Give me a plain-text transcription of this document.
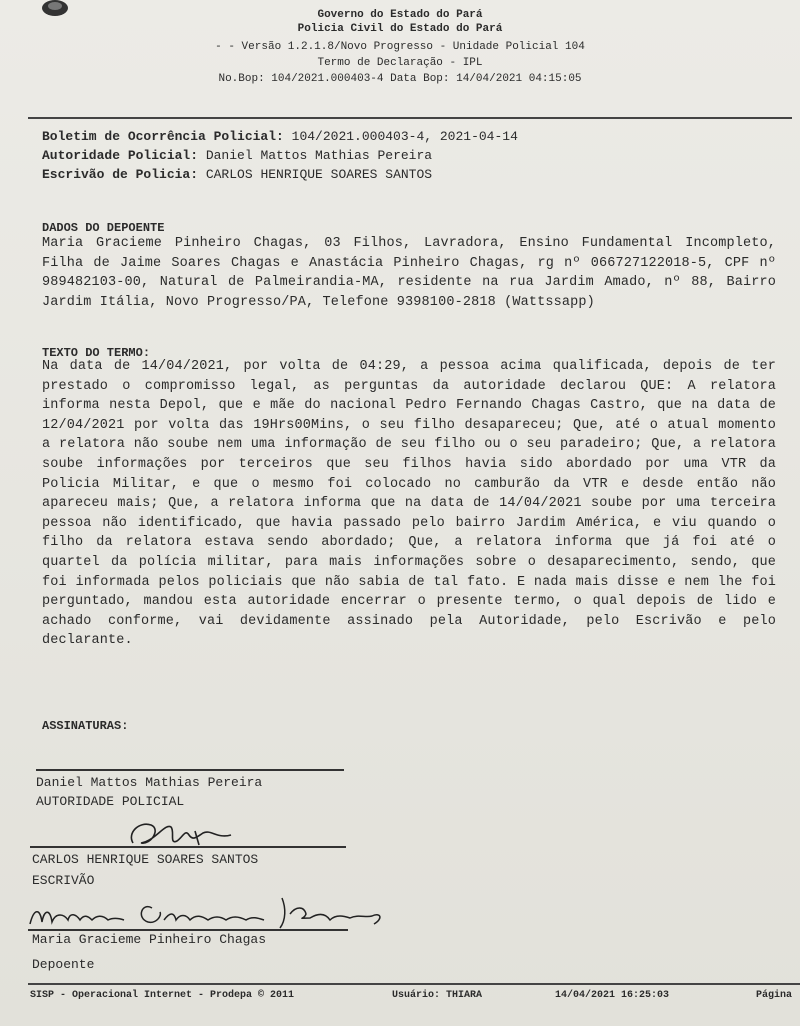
Governo do Estado do Pará
Policia Civil do Estado do Pará
- - Versão 1.2.1.8/Novo Progresso - Unidade Policial 104
Termo de Declaração - IPL
No.Bop: 104/2021.000403-4 Data Bop: 14/04/2021 04:15:05
Boletim de Ocorrência Policial: 104/2021.000403-4, 2021-04-14
Autoridade Policial: Daniel Mattos Mathias Pereira
Escrivão de Policia: CARLOS HENRIQUE SOARES SANTOS
DADOS DO DEPOENTE
Maria Gracieme Pinheiro Chagas, 03 Filhos, Lavradora, Ensino Fundamental Incompleto, Filha de Jaime Soares Chagas e Anastácia Pinheiro Chagas, rg nº 066727122018-5, CPF nº 989482103-00, Natural de Palmeirandia-MA, residente na rua Jardim Amado, nº 88, Bairro Jardim Itália, Novo Progresso/PA, Telefone 9398100-2818 (Wattssapp)
TEXTO DO TERMO:
Na data de 14/04/2021, por volta de 04:29, a pessoa acima qualificada, depois de ter prestado o compromisso legal, as perguntas da autoridade declarou QUE: A relatora informa nesta Depol, que e mãe do nacional Pedro Fernando Chagas Castro, que na data de 12/04/2021 por volta das 19Hrs00Mins, o seu filho desapareceu; Que, até o atual momento a relatora não soube nem uma informação de seu filho ou o seu paradeiro; Que, a relatora soube informações por terceiros que seu filhos havia sido abordado por uma VTR da Policia Militar, e que o mesmo foi colocado no camburão da VTR e desde então não apareceu mais; Que, a relatora informa que na data de 14/04/2021 soube por uma terceira pessoa não identificado, que havia passado pelo bairro Jardim América, e viu quando o filho da relatora estava sendo abordado; Que, a relatora informa que já foi até o quartel da polícia militar, para mais informações sobre o desaparecimento, sendo, que foi informada pelos policiais que não sabia de tal fato. E nada mais disse e nem lhe foi perguntado, mandou esta autoridade encerrar o presente termo, o qual depois de lido e achado conforme, vai devidamente assinado pela Autoridade, pelo Escrivão e pelo declarante.
ASSINATURAS:
Daniel Mattos Mathias Pereira
AUTORIDADE POLICIAL
CARLOS HENRIQUE SOARES SANTOS
ESCRIVÃO
Maria Gracieme Pinheiro Chagas
Depoente
SISP - Operacional Internet - Prodepa © 2011	Usuário: THIARA	14/04/2021 16:25:03	Página
